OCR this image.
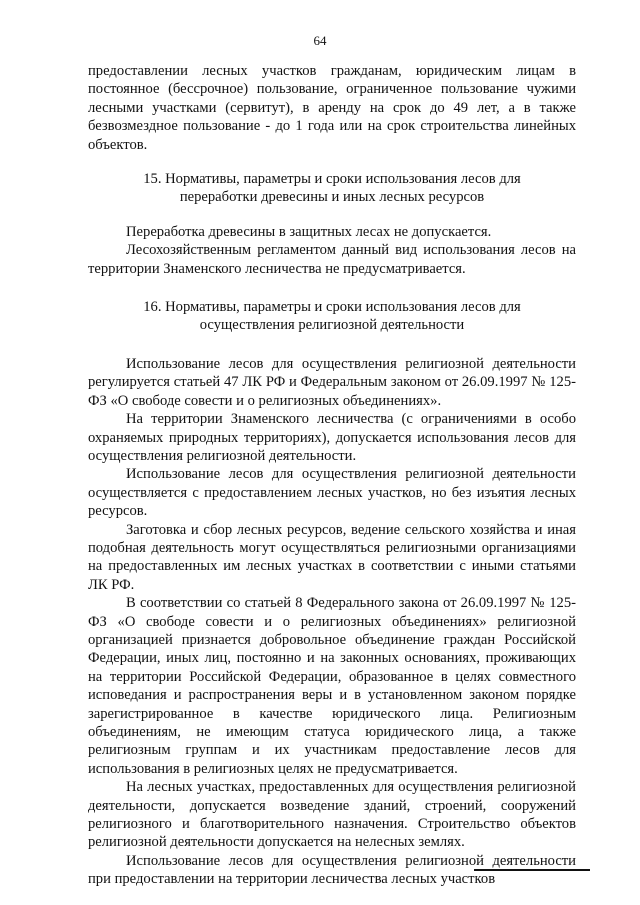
64

предоставлении лесных участков гражданам, юридическим лицам в постоянное (бессрочное) пользование, ограниченное пользование чужими лесными участками (сервитут), в аренду на срок до 49 лет, а в также безвозмездное пользование - до 1 года или на срок строительства линейных объектов.

15. Нормативы, параметры и сроки использования лесов для переработки древесины и иных лесных ресурсов

Переработка древесины в защитных лесах не допускается.

Лесохозяйственным регламентом данный вид использования лесов на территории Знаменского лесничества не предусматривается.

16. Нормативы, параметры и сроки использования лесов для осуществления религиозной деятельности

Использование лесов для осуществления религиозной деятельности регулируется статьей 47 ЛК РФ и Федеральным законом от 26.09.1997 № 125-ФЗ «О свободе совести и о религиозных объединениях».

На территории Знаменского лесничества (с ограничениями в особо охраняемых природных территориях), допускается использования лесов для осуществления религиозной деятельности.

Использование лесов для осуществления религиозной деятельности осуществляется с предоставлением лесных участков, но без изъятия лесных ресурсов.

Заготовка и сбор лесных ресурсов, ведение сельского хозяйства и иная подобная деятельность могут осуществляться религиозными организациями на предоставленных им лесных участках в соответствии с иными статьями ЛК РФ.

В соответствии со статьей 8 Федерального закона от 26.09.1997 № 125-ФЗ «О свободе совести и о религиозных объединениях» религиозной организацией признается добровольное объединение граждан Российской Федерации, иных лиц, постоянно и на законных основаниях, проживающих на территории Российской Федерации, образованное в целях совместного исповедания и распространения веры и в установленном законом порядке зарегистрированное в качестве юридического лица. Религиозным объединениям, не имеющим статуса юридического лица, а также религиозным группам и их участникам предоставление лесов для использования в религиозных целях не предусматривается.

На лесных участках, предоставленных для осуществления религиозной деятельности, допускается возведение зданий, строений, сооружений религиозного и благотворительного назначения. Строительство объектов религиозной деятельности допускается на нелесных землях.

Использование лесов для осуществления религиозной деятельности при предоставлении на территории лесничества лесных участков
